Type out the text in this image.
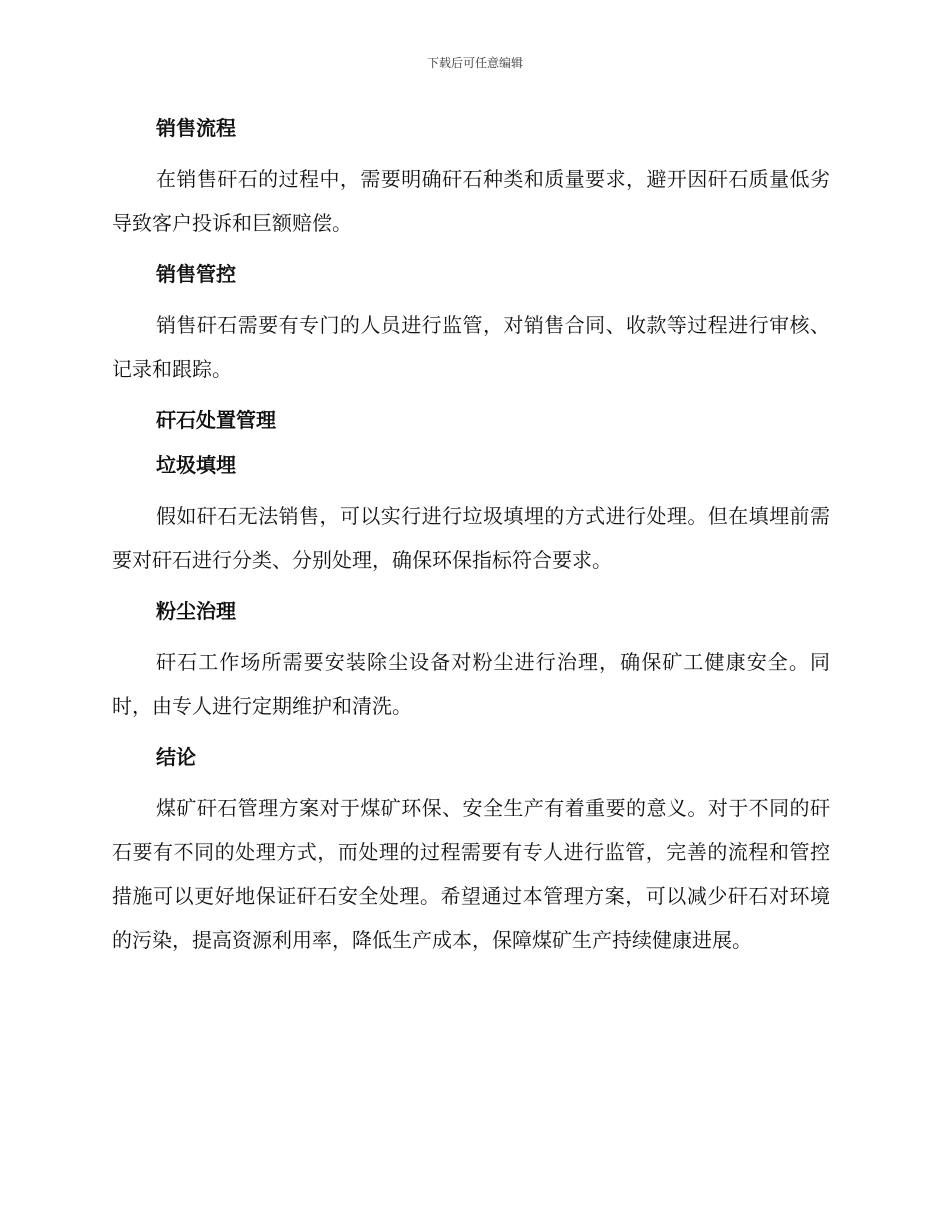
下载后可任意编辑
销售流程

在销售矸石的过程中，需要明确矸石种类和质量要求，避开因矸石质量低劣导致客户投诉和巨额赔偿。

销售管控

销售矸石需要有专门的人员进行监管，对销售合同、收款等过程进行审核、记录和跟踪。

矸石处置管理
垃圾填埋

假如矸石无法销售，可以实行进行垃圾填埋的方式进行处理。但在填埋前需要对矸石进行分类、分别处理，确保环保指标符合要求。

粉尘治理

矸石工作场所需要安装除尘设备对粉尘进行治理，确保矿工健康安全。同时，由专人进行定期维护和清洗。

结论

煤矿矸石管理方案对于煤矿环保、安全生产有着重要的意义。对于不同的矸石要有不同的处理方式，而处理的过程需要有专人进行监管，完善的流程和管控措施可以更好地保证矸石安全处理。希望通过本管理方案，可以减少矸石对环境的污染，提高资源利用率，降低生产成本，保障煤矿生产持续健康进展。
